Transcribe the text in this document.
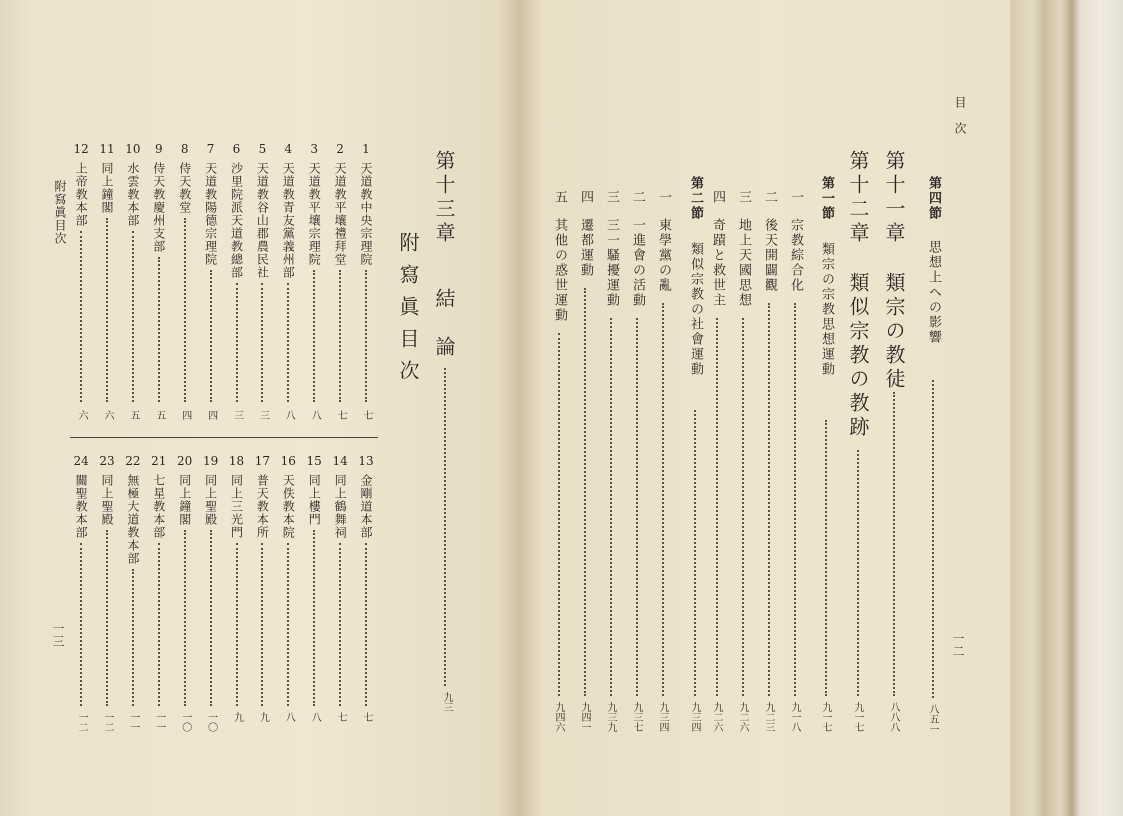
第十三章
結　論
九三
附寫眞目次
1
天道教中央宗理院
七
2
天道教平壤禮拜堂
七
3
天道教平壤宗理院
八
4
天道教青友黨義州部
八
5
天道教谷山郡農民社
三
6
沙里院派天道教總部
三
7
天道教陽德宗理院
四
8
侍天教堂
四
9
侍天教慶州支部
五
10
水雲教本部
五
11
同上鐘閣
六
12
上帝教本部
六
13
金剛道本部
七
14
同上鶴舞祠
七
15
同上樓門
八
16
天佚教本院
八
17
普天教本所
九
18
同上三光門
九
19
同上聖殿
一〇
20
同上鐘閣
一〇
21
七星教本部
一一
22
無極大道教本部
一一
23
同上聖殿
一二
24
關聖教本部
一二
附寫眞目次
一三
目　次
一二
第四節
思想上への影響
八五一
第十一章
類宗の教徒
八八八
第十二章
類似宗教の教跡
九一七
第一節
類宗の宗教思想運動
九一七
一
宗教綜合化
九一八
二
後天開闢觀
九二三
三
地上天國思想
九二六
四
奇蹟と救世主
九二六
第二節
類似宗教の社會運動
九三四
一
東學黨の亂
九三四
二
一進會の活動
九三七
三
三一騷擾運動
九三九
四
遷都運動
九四一
五
其他の惑世運動
九四六
